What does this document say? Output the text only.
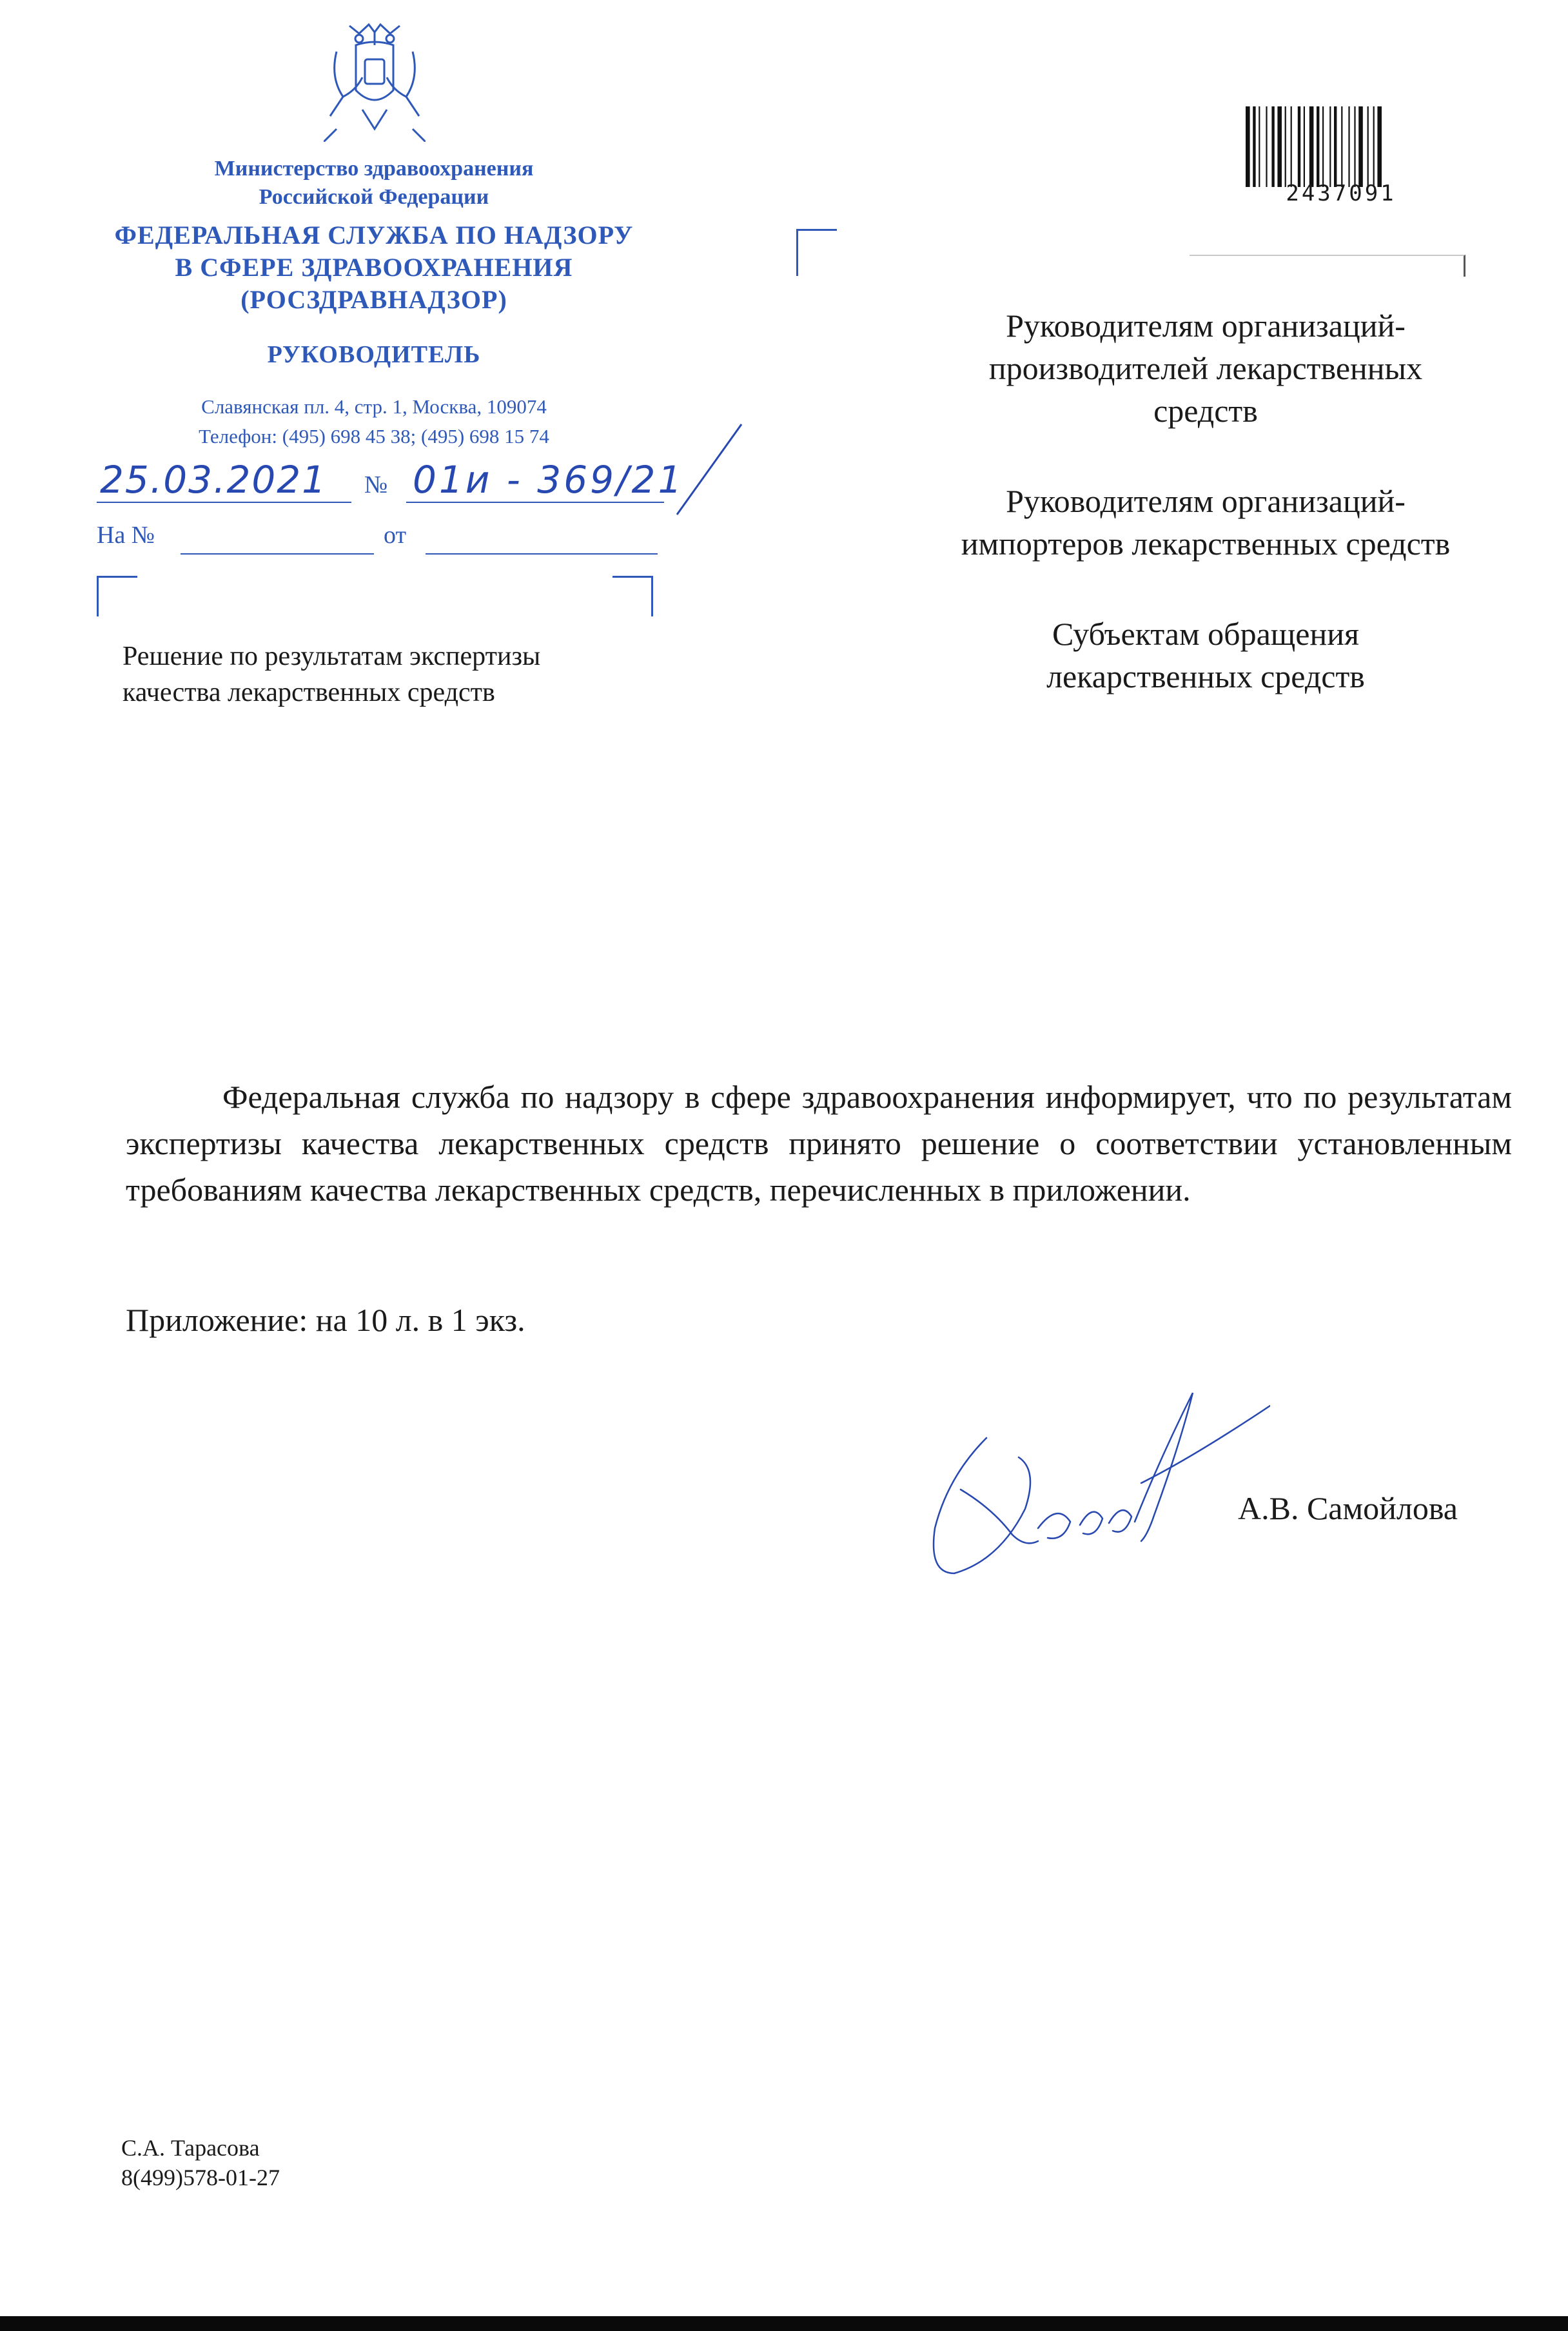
Министерство здравоохранения
Российской Федерации
ФЕДЕРАЛЬНАЯ СЛУЖБА ПО НАДЗОРУ
В СФЕРЕ ЗДРАВООХРАНЕНИЯ
(РОСЗДРАВНАДЗОР)
РУКОВОДИТЕЛЬ
Славянская пл. 4, стр. 1, Москва, 109074
Телефон: (495) 698 45 38; (495) 698 15 74
25.03.2021 № 01и - 369/21
На №	от
Решение по результатам экспертизы
качества лекарственных средств
2437091
Руководителям организаций-
производителей лекарственных
средств
Руководителям организаций-
импортеров лекарственных средств
Субъектам обращения
лекарственных средств
Федеральная служба по надзору в сфере здравоохранения информирует, что по результатам экспертизы качества лекарственных средств принято решение о соответствии установленным требованиям качества лекарственных средств, перечисленных в приложении.
Приложение: на 10 л. в 1 экз.
А.В. Самойлова
С.А. Тарасова
8(499)578-01-27
